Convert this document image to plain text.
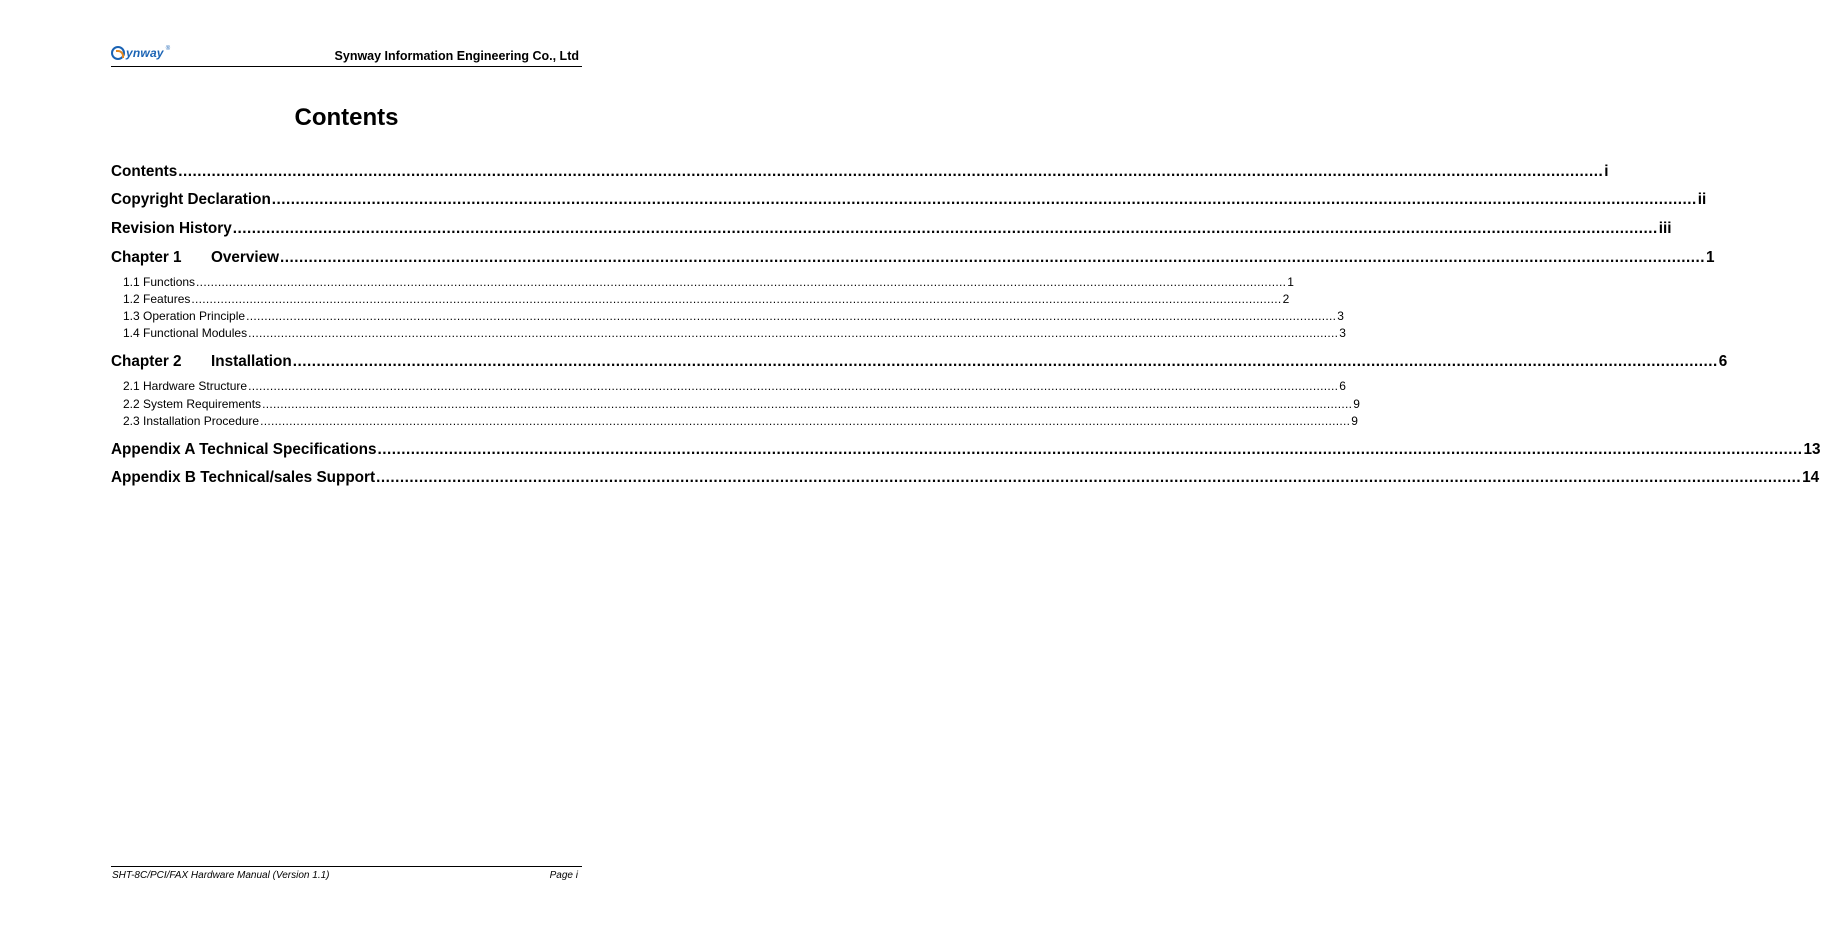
ynway ®	Synway Information Engineering Co., Ltd
Contents
Contents ............................................................................................................................................................................................................................................................................................................ i
Copyright Declaration ............................................................................................................................................................................................................................................................................................................ ii
Revision History ............................................................................................................................................................................................................................................................................................................ iii
Chapter 1 Overview ............................................................................................................................................................................................................................................................................................................ 1
1.1 Functions ............................................................................................................................................................................................................................................................................................................ 1
1.2 Features ............................................................................................................................................................................................................................................................................................................ 2
1.3 Operation Principle ............................................................................................................................................................................................................................................................................................................ 3
1.4 Functional Modules ............................................................................................................................................................................................................................................................................................................ 3
Chapter 2 Installation ............................................................................................................................................................................................................................................................................................................ 6
2.1 Hardware Structure ............................................................................................................................................................................................................................................................................................................ 6
2.2 System Requirements ............................................................................................................................................................................................................................................................................................................ 9
2.3 Installation Procedure ............................................................................................................................................................................................................................................................................................................ 9
Appendix A Technical Specifications ............................................................................................................................................................................................................................................................................................................ 13
Appendix B Technical/sales Support ............................................................................................................................................................................................................................................................................................................ 14
SHT-8C/PCI/FAX Hardware Manual (Version 1.1)	Page i
